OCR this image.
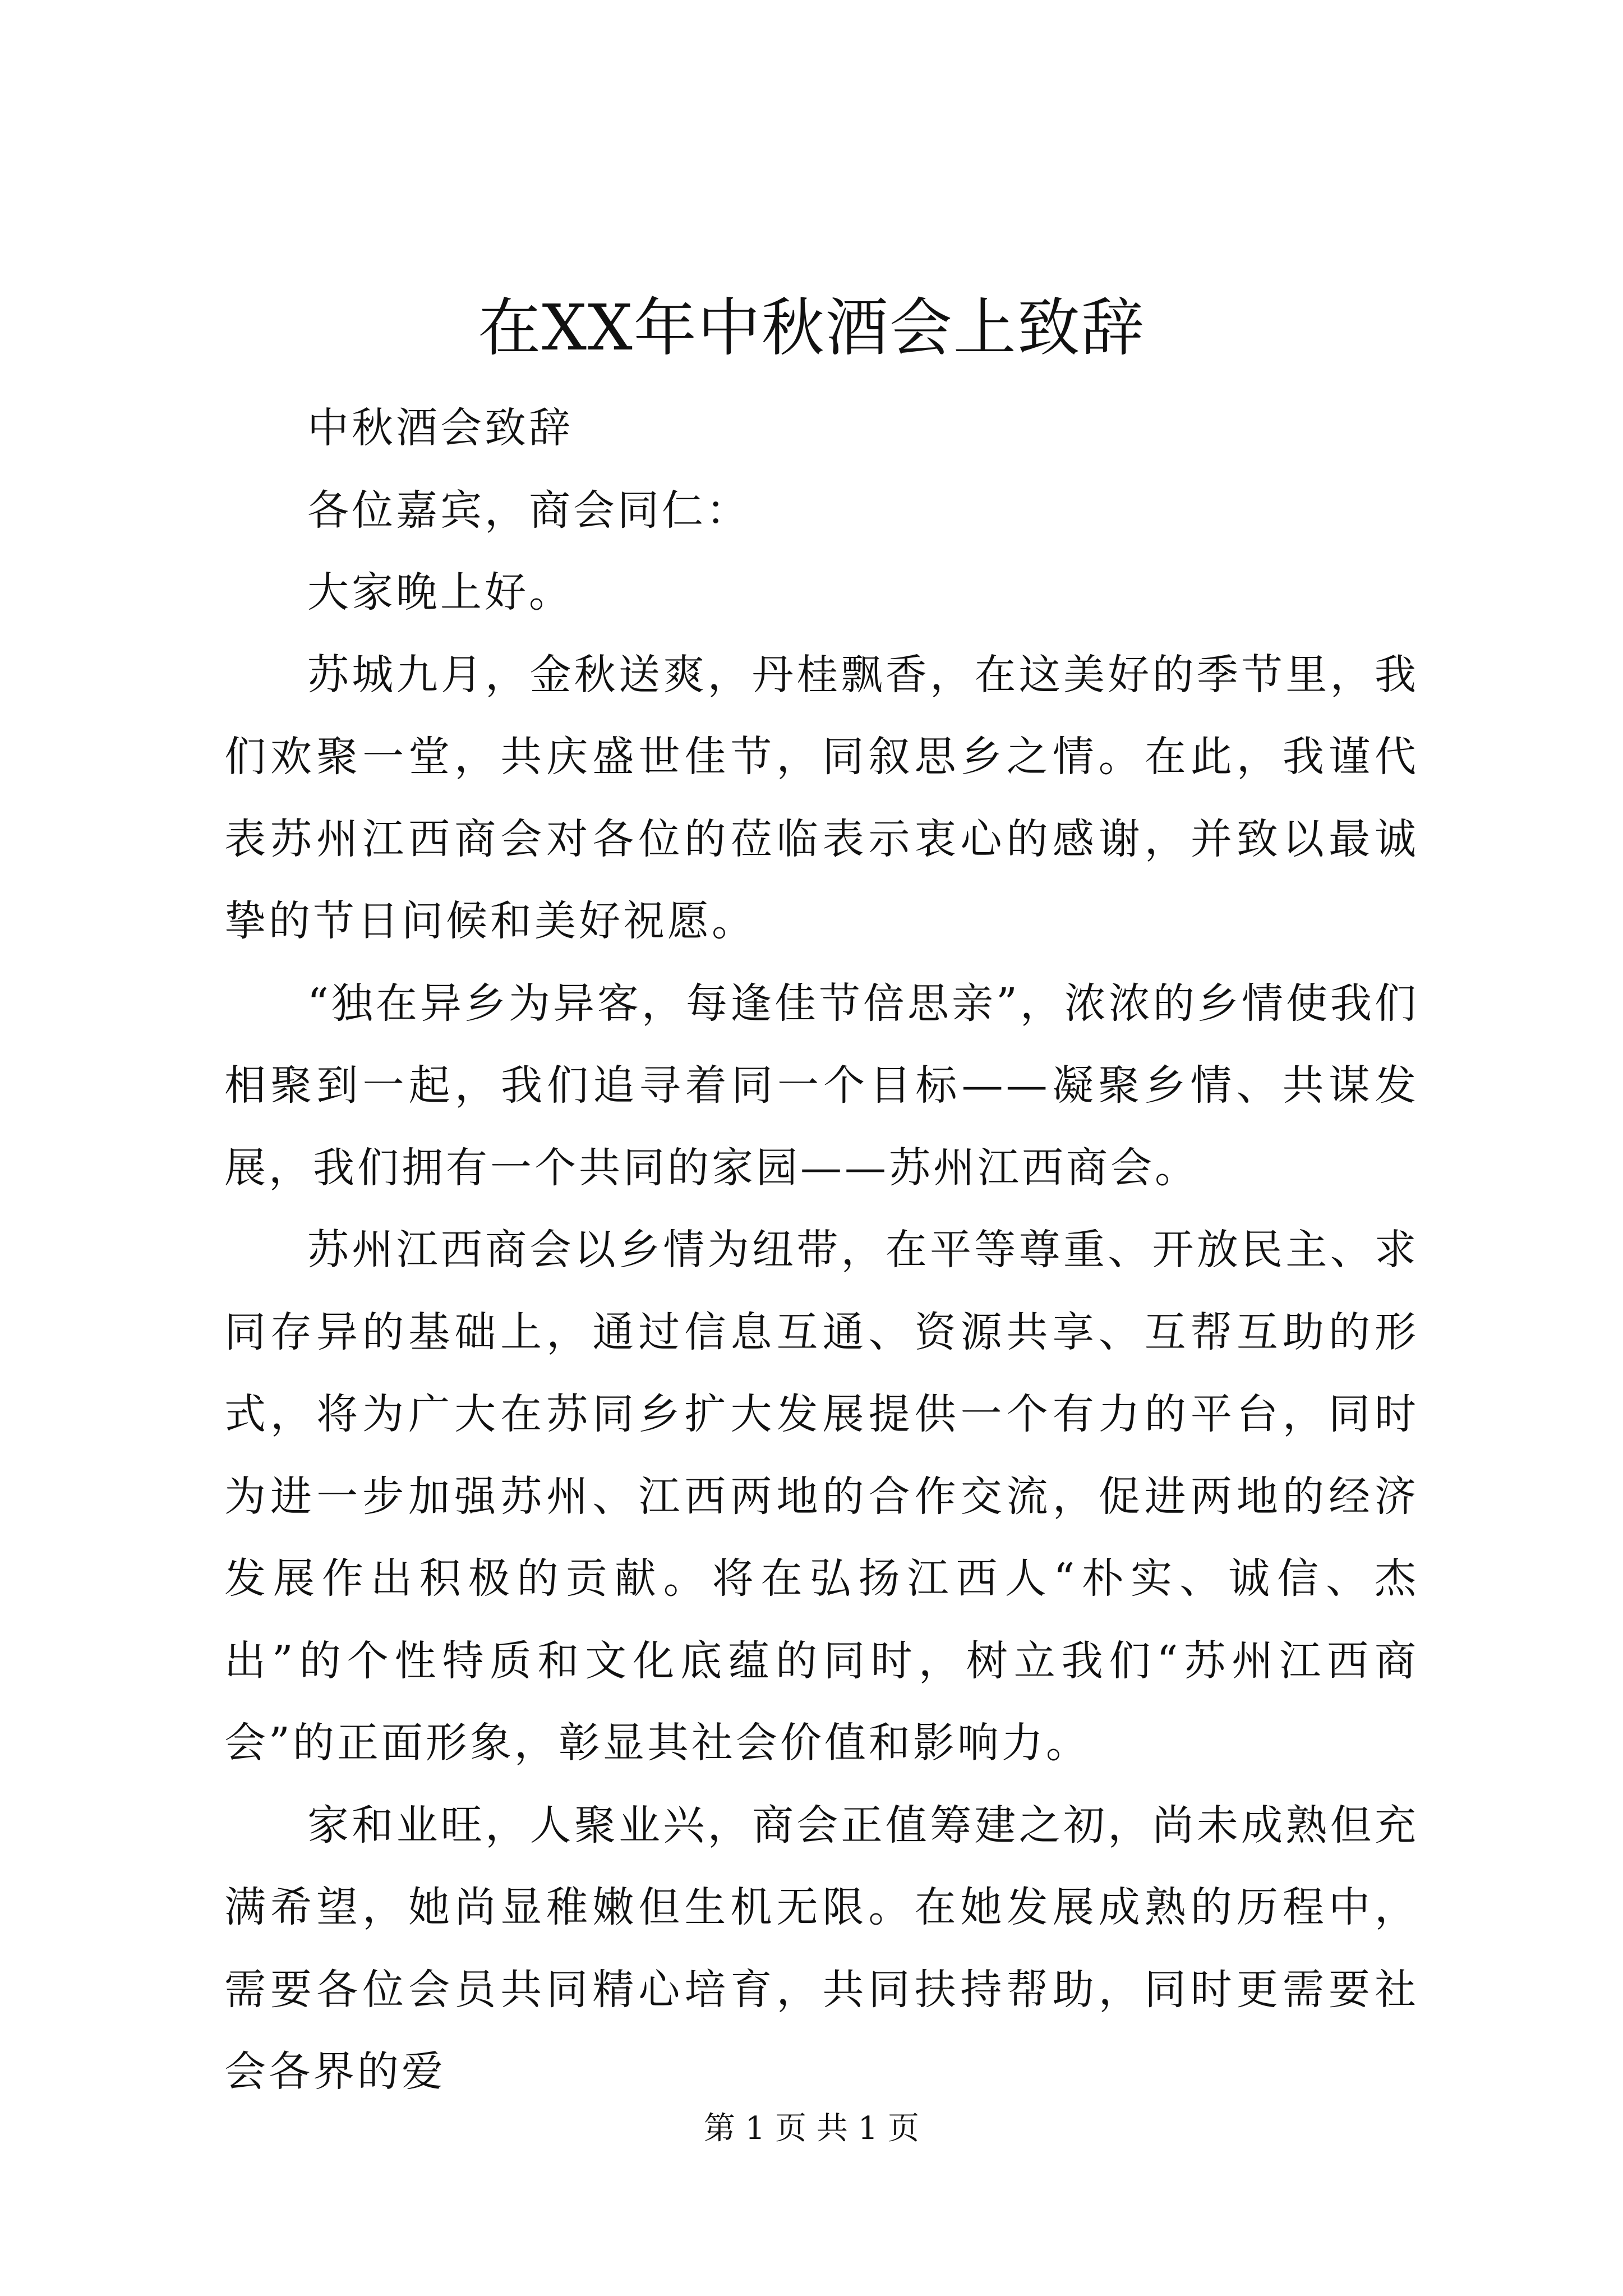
在XX年中秋酒会上致辞

中秋酒会致辞

各位嘉宾，商会同仁：

大家晚上好。

苏城九月，金秋送爽，丹桂飘香，在这美好的季节里，我们欢聚一堂，共庆盛世佳节，同叙思乡之情。在此，我谨代表苏州江西商会对各位的莅临表示衷心的感谢，并致以最诚挚的节日问候和美好祝愿。

“独在异乡为异客，每逢佳节倍思亲”，浓浓的乡情使我们相聚到一起，我们追寻着同一个目标——凝聚乡情、共谋发展，我们拥有一个共同的家园——苏州江西商会。

苏州江西商会以乡情为纽带，在平等尊重、开放民主、求同存异的基础上，通过信息互通、资源共享、互帮互助的形式，将为广大在苏同乡扩大发展提供一个有力的平台，同时为进一步加强苏州、江西两地的合作交流，促进两地的经济发展作出积极的贡献。将在弘扬江西人“朴实、诚信、杰出”的个性特质和文化底蕴的同时，树立我们“苏州江西商会”的正面形象，彰显其社会价值和影响力。

家和业旺，人聚业兴，商会正值筹建之初，尚未成熟但充满希望，她尚显稚嫩但生机无限。在她发展成熟的历程中，需要各位会员共同精心培育，共同扶持帮助，同时更需要社会各界的爱

第 1 页 共 1 页
